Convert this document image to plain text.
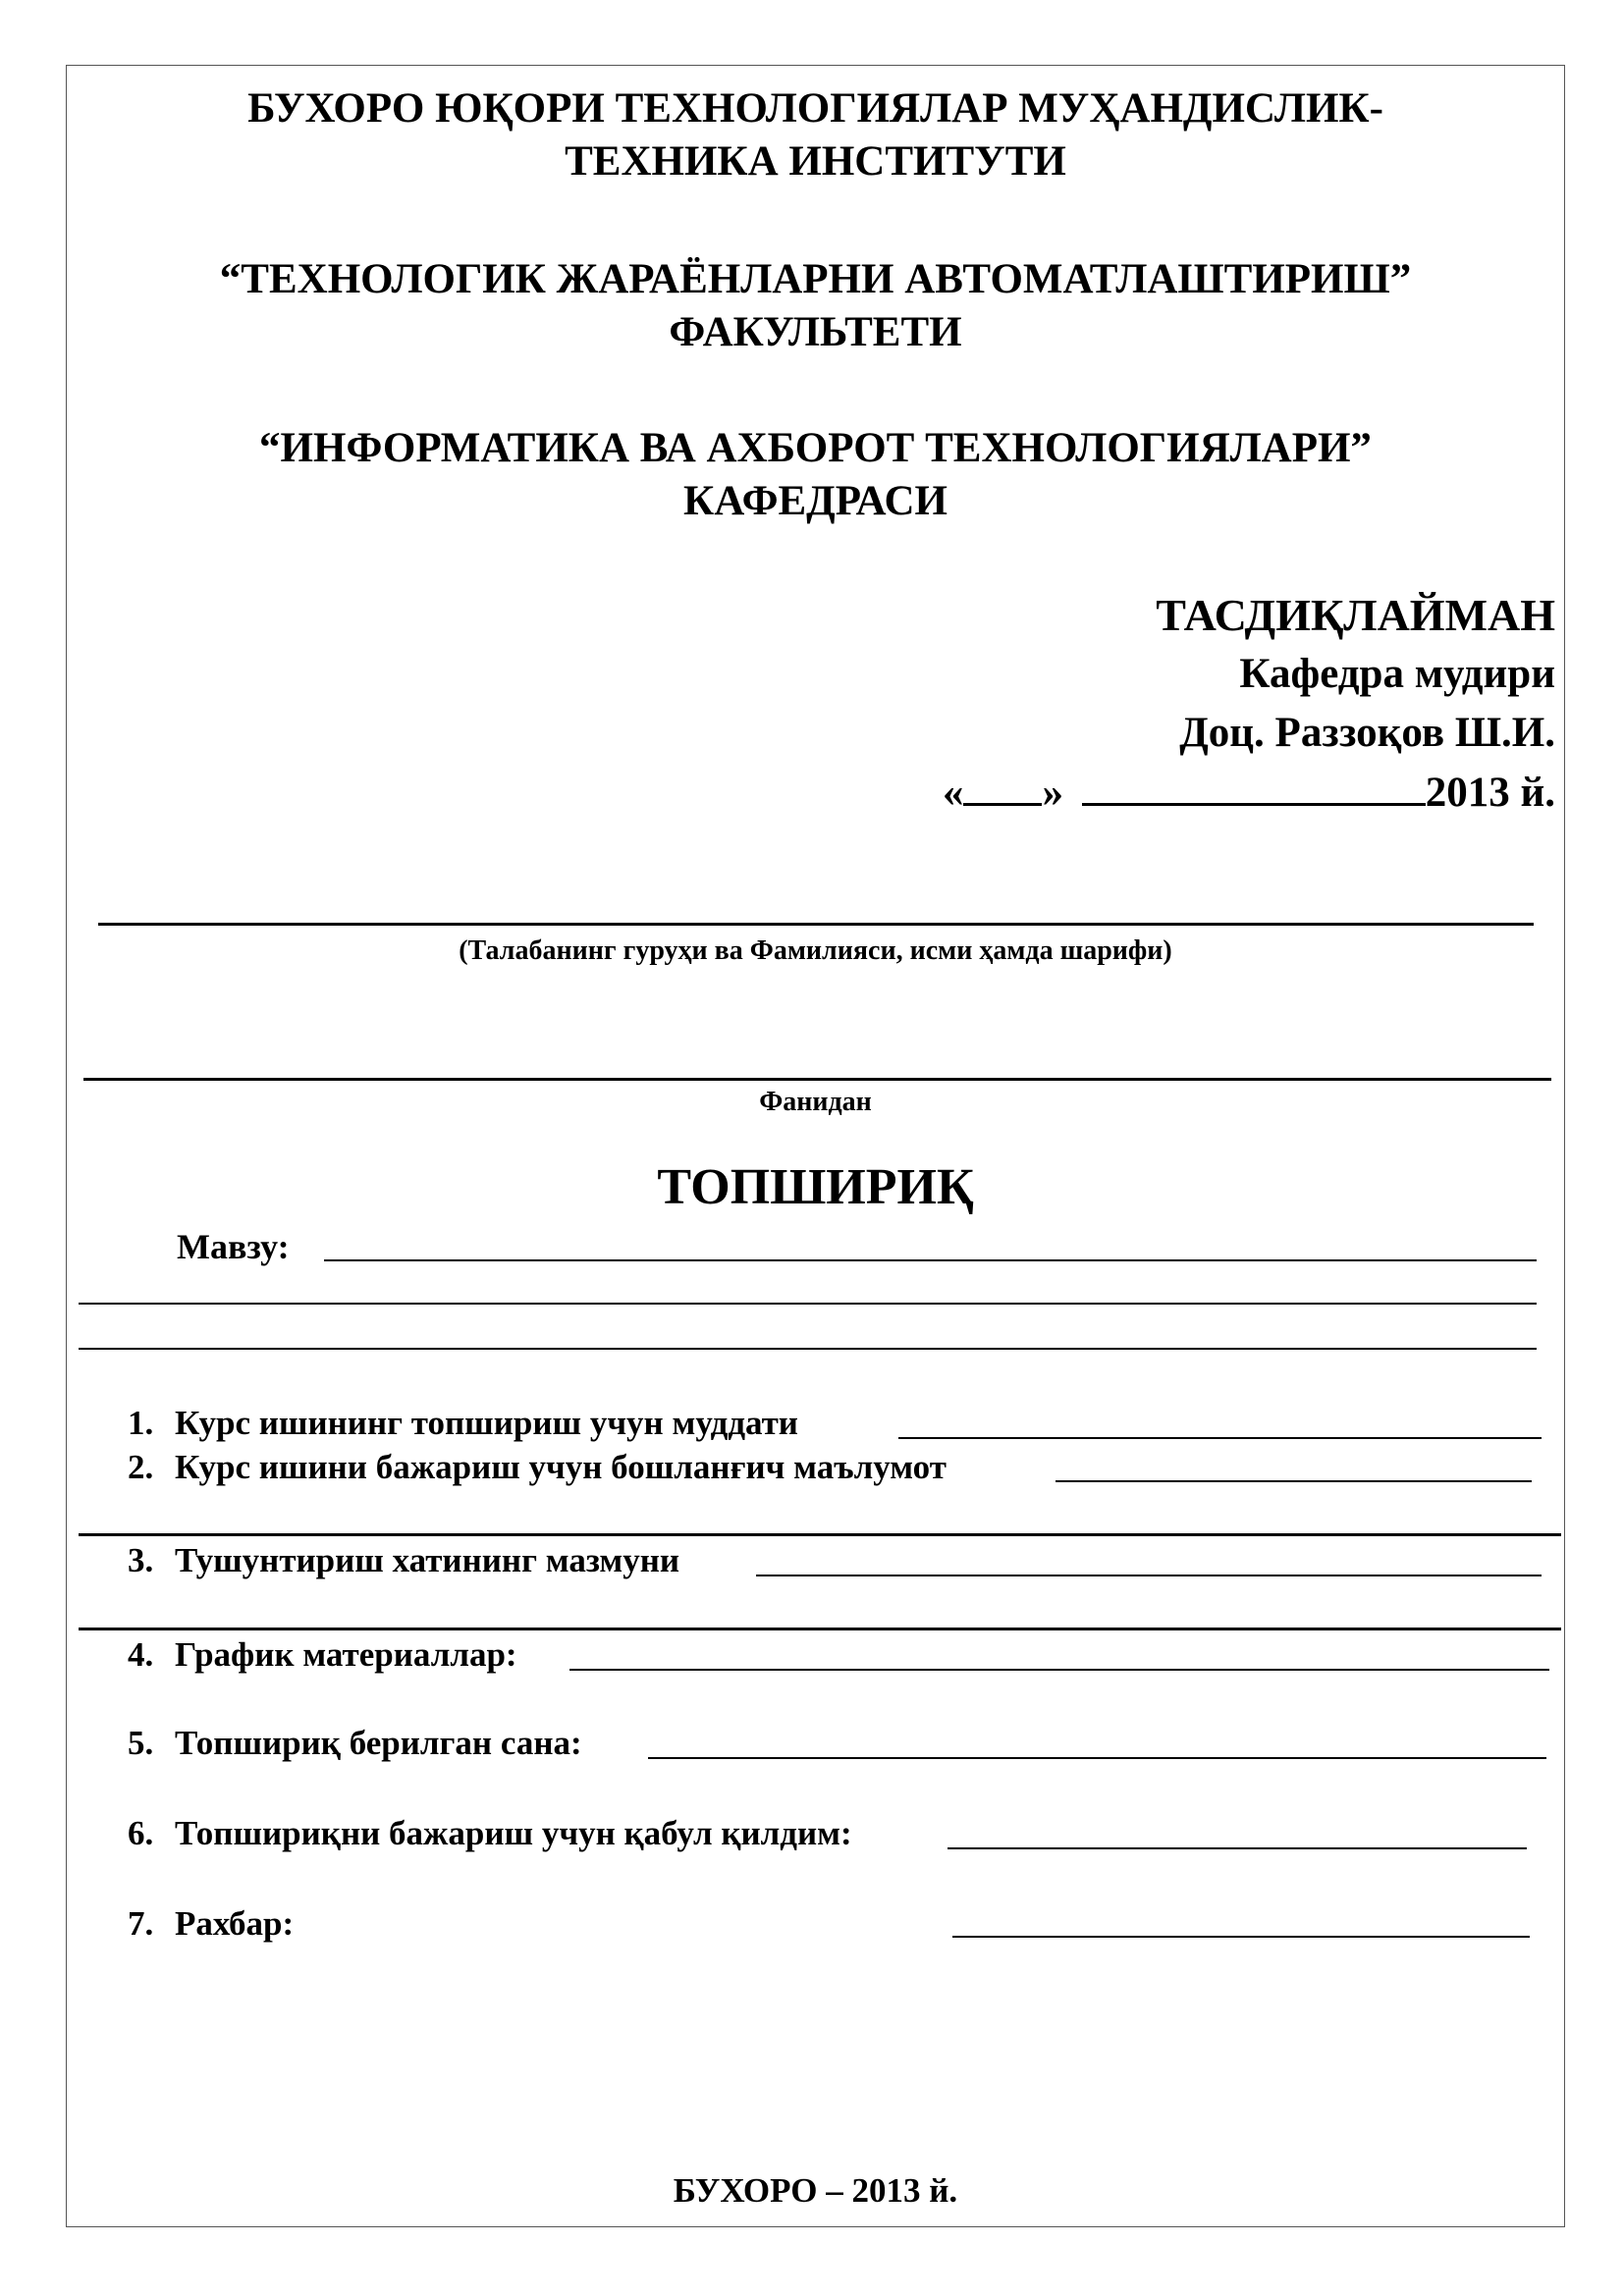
БУХОРО ЮҚОРИ ТЕХНОЛОГИЯЛАР МУҲАНДИСЛИК-
ТЕХНИКА ИНСТИТУТИ
“ТЕХНОЛОГИК ЖАРАЁНЛАРНИ АВТОМАТЛАШТИРИШ”
ФАКУЛЬТЕТИ
“ИНФОРМАТИКА ВА АХБОРОТ ТЕХНОЛОГИЯЛАРИ”
КАФЕДРАСИ
ТАСДИҚЛАЙМАН
Кафедра мудири
Доц. Раззоқов Ш.И.
« »	2013 й.
(Талабанинг гуруҳи ва Фамилияси, исми ҳамда шарифи)
Фанидан
ТОПШИРИҚ
Мавзу:
1. Курс ишининг топшириш учун муддати
2. Курс ишини бажариш учун бошланғич маълумот
3. Тушунтириш хатининг мазмуни
4. График материаллар:
5. Топшириқ берилган сана:
6. Топшириқни бажариш учун қабул қилдим:
7. Рахбар:
БУХОРО – 2013 й.
